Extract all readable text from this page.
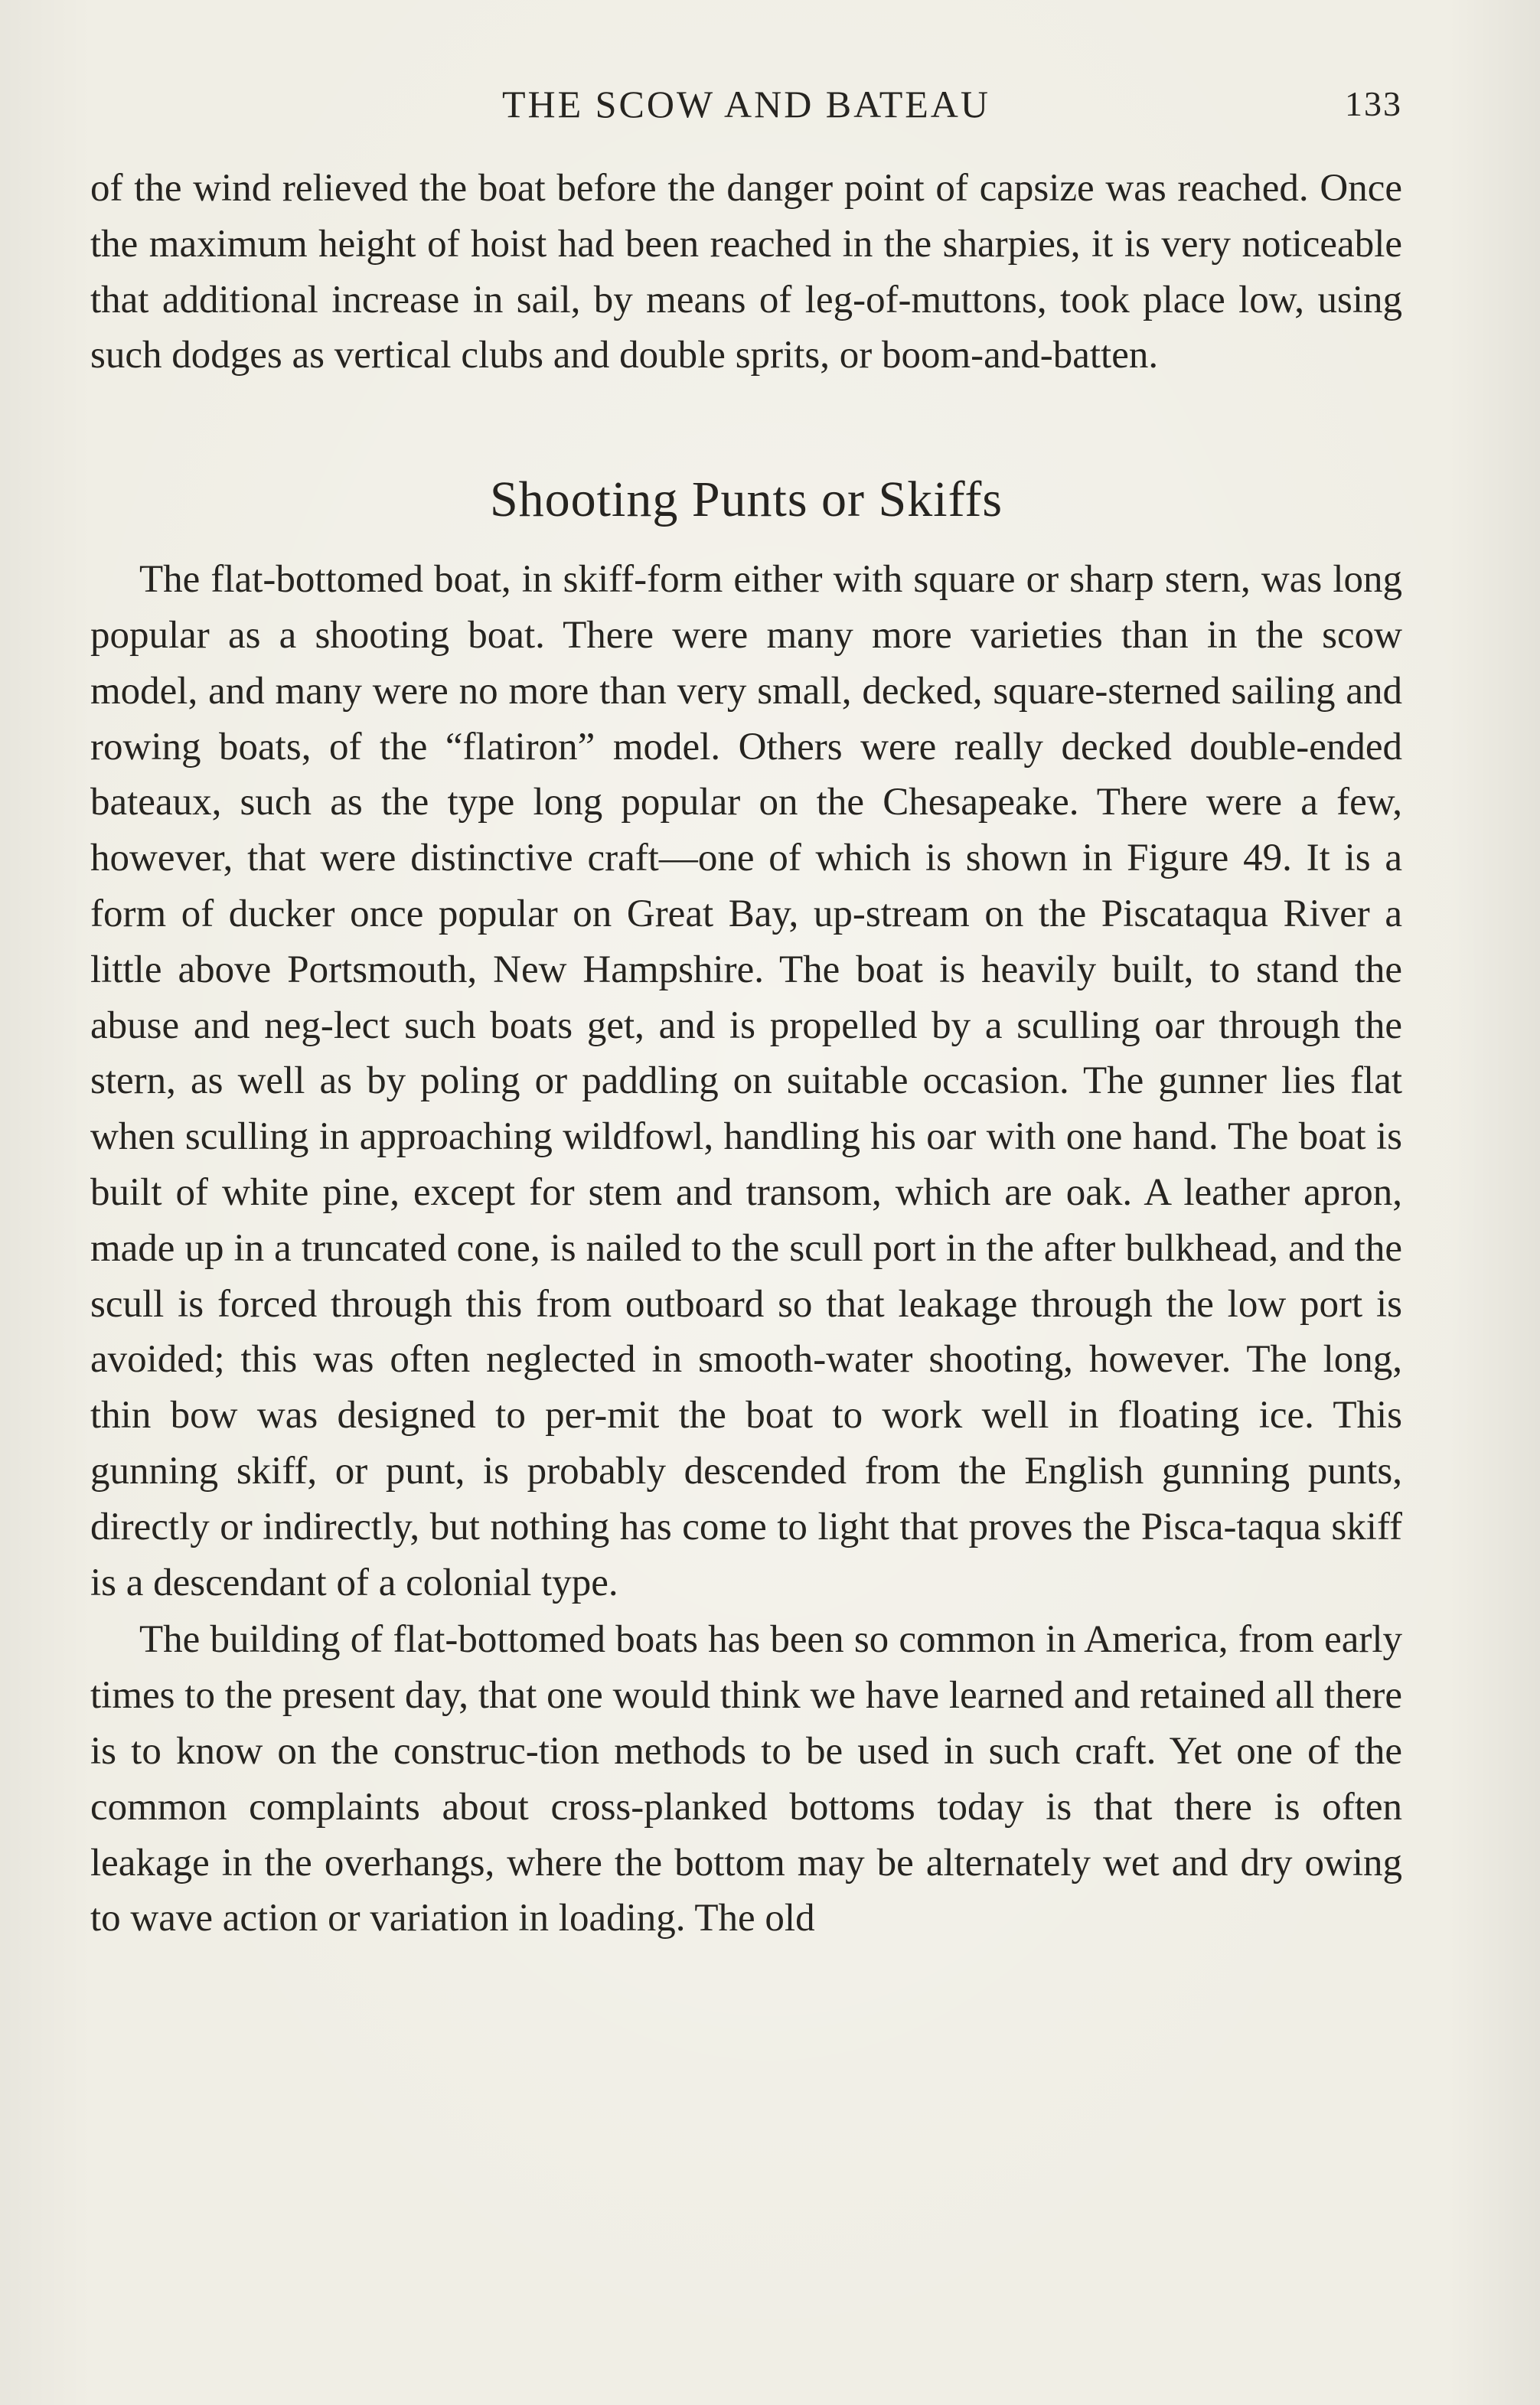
THE SCOW AND BATEAU	133

of the wind relieved the boat before the danger point of capsize was reached. Once the maximum height of hoist had been reached in the sharpies, it is very noticeable that additional increase in sail, by means of leg-of-muttons, took place low, using such dodges as vertical clubs and double sprits, or boom-and-batten.

Shooting Punts or Skiffs

The flat-bottomed boat, in skiff-form either with square or sharp stern, was long popular as a shooting boat. There were many more varieties than in the scow model, and many were no more than very small, decked, square-sterned sailing and rowing boats, of the “flatiron” model. Others were really decked double-ended bateaux, such as the type long popular on the Chesapeake. There were a few, however, that were distinctive craft—one of which is shown in Figure 49. It is a form of ducker once popular on Great Bay, up-stream on the Piscataqua River a little above Portsmouth, New Hampshire. The boat is heavily built, to stand the abuse and neg-lect such boats get, and is propelled by a sculling oar through the stern, as well as by poling or paddling on suitable occasion. The gunner lies flat when sculling in approaching wildfowl, handling his oar with one hand. The boat is built of white pine, except for stem and transom, which are oak. A leather apron, made up in a truncated cone, is nailed to the scull port in the after bulkhead, and the scull is forced through this from outboard so that leakage through the low port is avoided; this was often neglected in smooth-water shooting, however. The long, thin bow was designed to per-mit the boat to work well in floating ice. This gunning skiff, or punt, is probably descended from the English gunning punts, directly or indirectly, but nothing has come to light that proves the Pisca-taqua skiff is a descendant of a colonial type.

The building of flat-bottomed boats has been so common in America, from early times to the present day, that one would think we have learned and retained all there is to know on the construc-tion methods to be used in such craft. Yet one of the common complaints about cross-planked bottoms today is that there is often leakage in the overhangs, where the bottom may be alternately wet and dry owing to wave action or variation in loading. The old
